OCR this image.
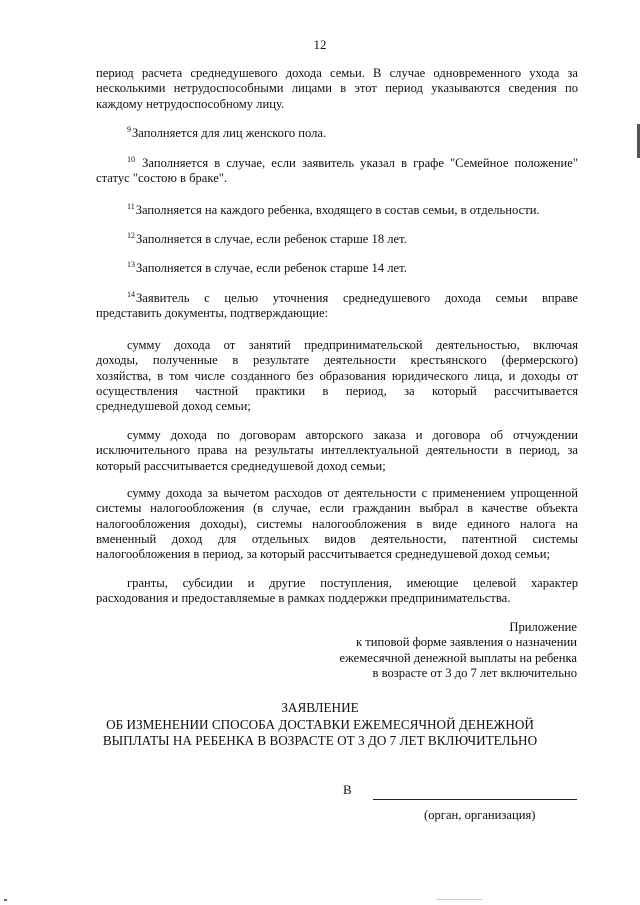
12

период расчета среднедушевого дохода семьи. В случае одновременного ухода за
несколькими нетрудоспособными лицами в этот период указываются сведения по
каждому нетрудоспособному лицу.

$^9$Заполняется для лиц женского пола.

$^{10}$ Заполняется в случае, если заявитель указал в графе "Семейное положение"
статус "состою в браке".

$^{11}$Заполняется на каждого ребенка, входящего в состав семьи, в отдельности.

$^{12}$Заполняется в случае, если ребенок старше 18 лет.

$^{13}$Заполняется в случае, если ребенок старше 14 лет.

$^{14}$Заявитель с целью уточнения среднедушевого дохода семьи вправе
представить документы, подтверждающие:

сумму дохода от занятий предпринимательской деятельностью, включая
доходы, полученные в результате деятельности крестьянского (фермерского)
хозяйства, в том числе созданного без образования юридического лица, и доходы от
осуществления частной практики в период, за который рассчитывается
среднедушевой доход семьи;

сумму дохода по договорам авторского заказа и договора об отчуждении
исключительного права на результаты интеллектуальной деятельности в период, за
который рассчитывается среднедушевой доход семьи;

сумму дохода за вычетом расходов от деятельности с применением упрощенной
системы налогообложения (в случае, если гражданин выбрал в качестве объекта
налогообложения доходы), системы налогообложения в виде единого налога на
вмененный доход для отдельных видов деятельности, патентной системы
налогообложения в период, за который рассчитывается среднедушевой доход семьи;

гранты, субсидии и другие поступления, имеющие целевой характер
расходования и предоставляемые в рамках поддержки предпринимательства.

Приложение
к типовой форме заявления о назначении
ежемесячной денежной выплаты на ребенка
в возрасте от 3 до 7 лет включительно

ЗАЯВЛЕНИЕ
ОБ ИЗМЕНЕНИИ СПОСОБА ДОСТАВКИ ЕЖЕМЕСЯЧНОЙ ДЕНЕЖНОЙ
ВЫПЛАТЫ НА РЕБЕНКА В ВОЗРАСТЕ ОТ 3 ДО 7 ЛЕТ ВКЛЮЧИТЕЛЬНО

В
(орган, организация)
